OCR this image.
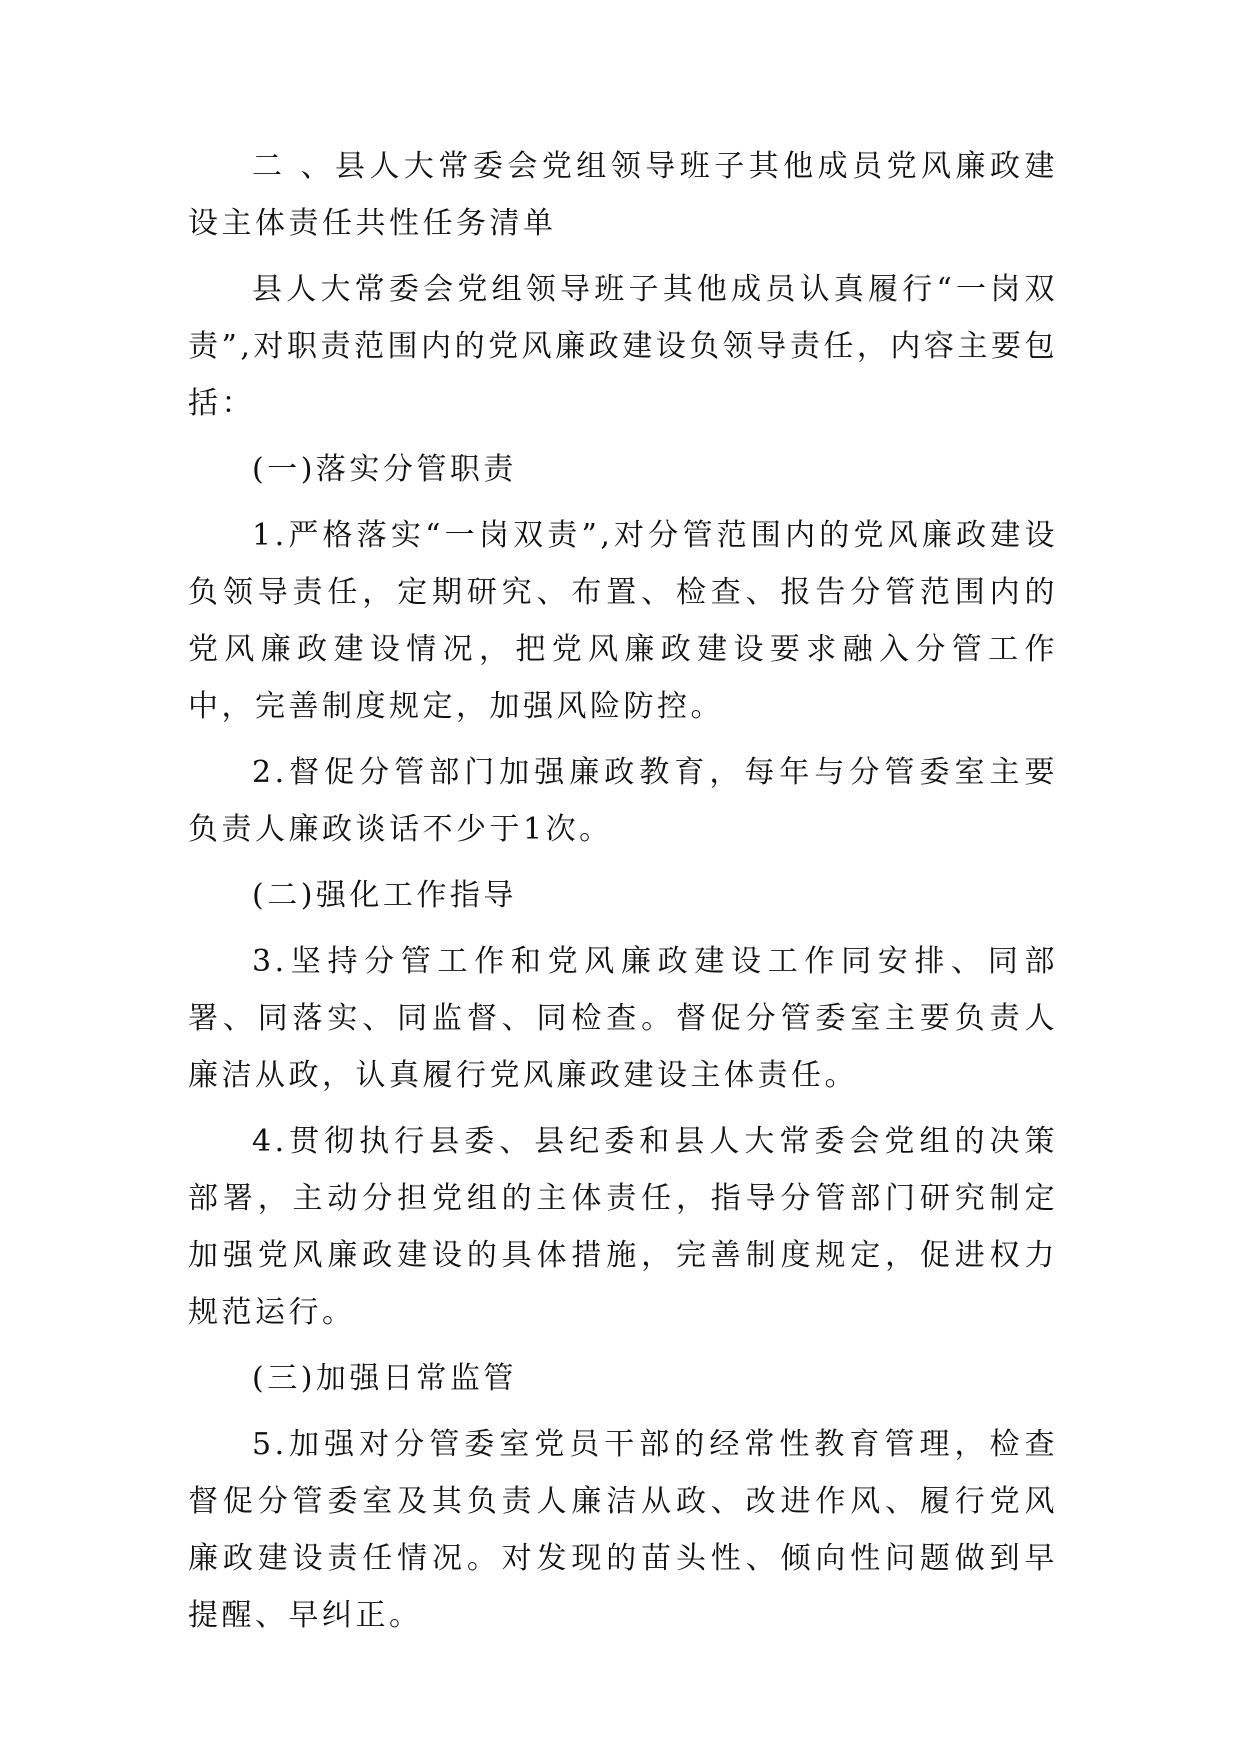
二 、县人大常委会党组领导班子其他成员党风廉政建设主体责任共性任务清单

县人大常委会党组领导班子其他成员认真履行“一岗双责”,对职责范围内的党风廉政建设负领导责任，内容主要包括：

(一)落实分管职责

1.严格落实“一岗双责”,对分管范围内的党风廉政建设负领导责任，定期研究、布置、检查、报告分管范围内的党风廉政建设情况，把党风廉政建设要求融入分管工作中，完善制度规定，加强风险防控。

2.督促分管部门加强廉政教育，每年与分管委室主要负责人廉政谈话不少于1次。

(二)强化工作指导

3.坚持分管工作和党风廉政建设工作同安排、同部署、同落实、同监督、同检查。督促分管委室主要负责人廉洁从政，认真履行党风廉政建设主体责任。

4.贯彻执行县委、县纪委和县人大常委会党组的决策部署，主动分担党组的主体责任，指导分管部门研究制定加强党风廉政建设的具体措施，完善制度规定，促进权力规范运行。

(三)加强日常监管

5.加强对分管委室党员干部的经常性教育管理，检查督促分管委室及其负责人廉洁从政、改进作风、履行党风廉政建设责任情况。对发现的苗头性、倾向性问题做到早提醒、早纠正。
